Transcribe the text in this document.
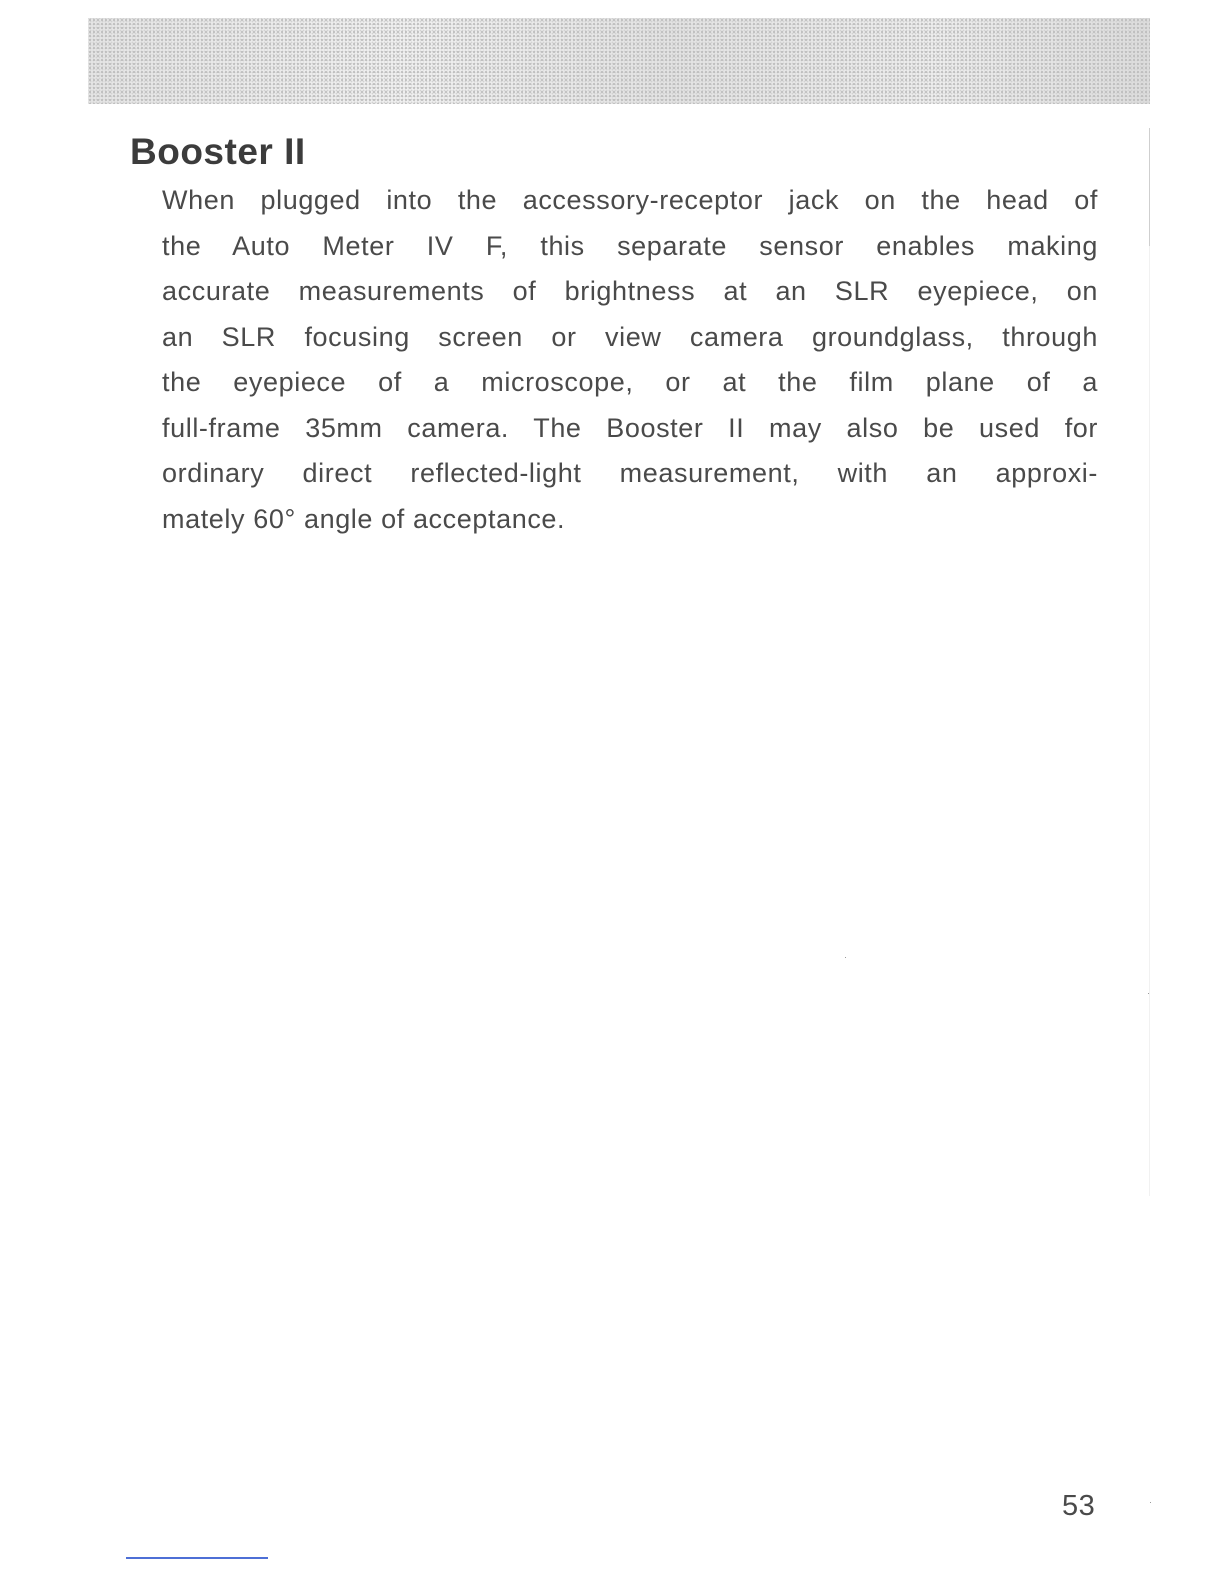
Booster II
When plugged into the accessory-receptor jack on the head of
the Auto Meter IV F, this separate sensor enables making
accurate measurements of brightness at an SLR eyepiece, on
an SLR focusing screen or view camera groundglass, through
the eyepiece of a microscope, or at the film plane of a
full-frame 35mm camera. The Booster II may also be used for
ordinary direct reflected-light measurement, with an approxi-
mately 60° angle of acceptance.
53
